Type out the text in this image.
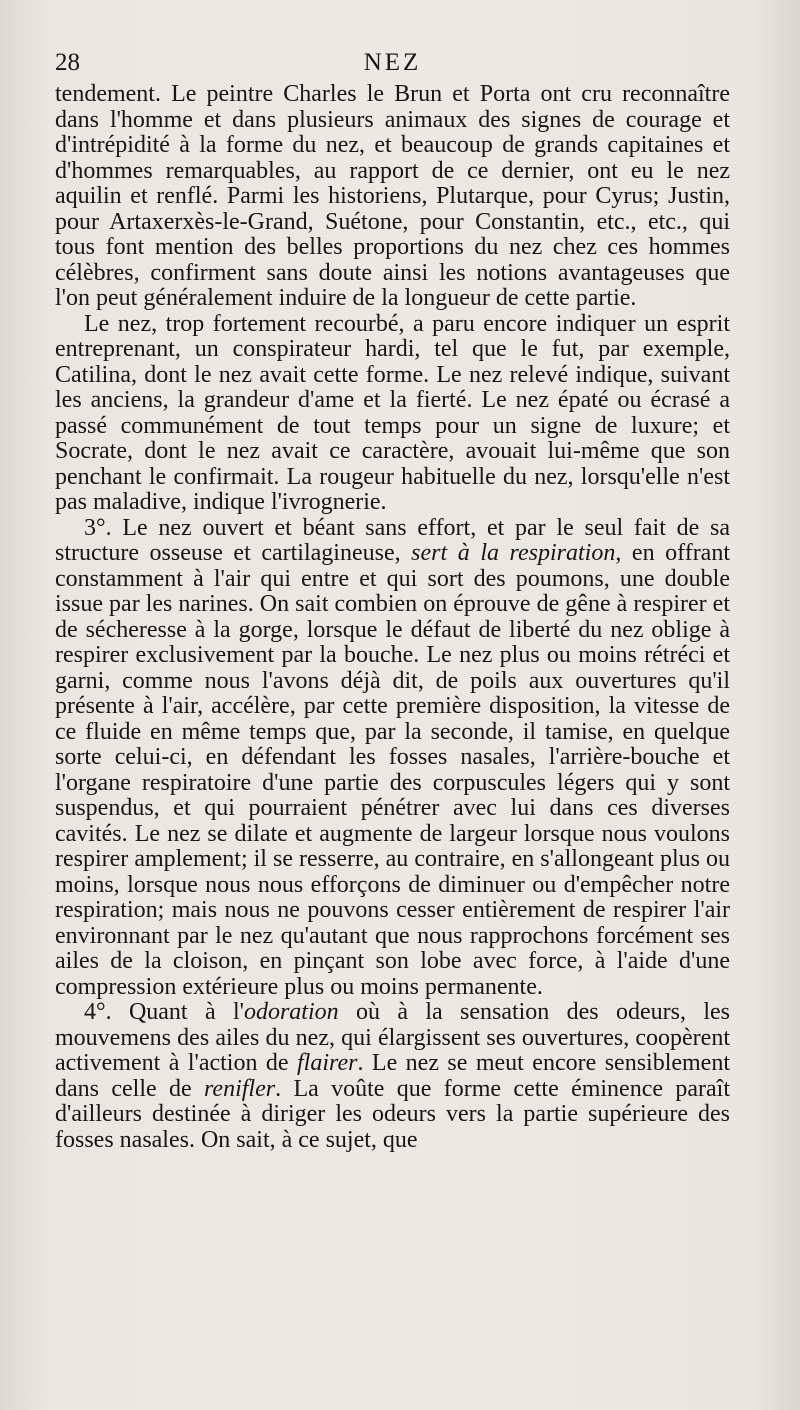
28	NEZ

tendement. Le peintre Charles le Brun et Porta ont cru reconnaître dans l'homme et dans plusieurs animaux des signes de courage et d'intrépidité à la forme du nez, et beaucoup de grands capitaines et d'hommes remarquables, au rapport de ce dernier, ont eu le nez aquilin et renflé. Parmi les historiens, Plutarque, pour Cyrus; Justin, pour Artaxerxès-le-Grand, Suétone, pour Constantin, etc., etc., qui tous font mention des belles proportions du nez chez ces hommes célèbres, confirment sans doute ainsi les notions avantageuses que l'on peut généralement induire de la longueur de cette partie.

Le nez, trop fortement recourbé, a paru encore indiquer un esprit entreprenant, un conspirateur hardi, tel que le fut, par exemple, Catilina, dont le nez avait cette forme. Le nez relevé indique, suivant les anciens, la grandeur d'ame et la fierté. Le nez épaté ou écrasé a passé communément de tout temps pour un signe de luxure; et Socrate, dont le nez avait ce caractère, avouait lui-même que son penchant le confirmait. La rougeur habituelle du nez, lorsqu'elle n'est pas maladive, indique l'ivrognerie.

3°. Le nez ouvert et béant sans effort, et par le seul fait de sa structure osseuse et cartilagineuse, sert à la respiration, en offrant constamment à l'air qui entre et qui sort des poumons, une double issue par les narines. On sait combien on éprouve de gêne à respirer et de sécheresse à la gorge, lorsque le défaut de liberté du nez oblige à respirer exclusivement par la bouche. Le nez plus ou moins rétréci et garni, comme nous l'avons déjà dit, de poils aux ouvertures qu'il présente à l'air, accélère, par cette première disposition, la vitesse de ce fluide en même temps que, par la seconde, il tamise, en quelque sorte celui-ci, en défendant les fosses nasales, l'arrière-bouche et l'organe respiratoire d'une partie des corpuscules légers qui y sont suspendus, et qui pourraient pénétrer avec lui dans ces diverses cavités. Le nez se dilate et augmente de largeur lorsque nous voulons respirer amplement; il se resserre, au contraire, en s'allongeant plus ou moins, lorsque nous nous efforçons de diminuer ou d'empêcher notre respiration; mais nous ne pouvons cesser entièrement de respirer l'air environnant par le nez qu'autant que nous rapprochons forcément ses ailes de la cloison, en pinçant son lobe avec force, à l'aide d'une compression extérieure plus ou moins permanente.

4°. Quant à l'odoration où à la sensation des odeurs, les mouvemens des ailes du nez, qui élargissent ses ouvertures, coopèrent activement à l'action de flairer. Le nez se meut encore sensiblement dans celle de renifler. La voûte que forme cette éminence paraît d'ailleurs destinée à diriger les odeurs vers la partie supérieure des fosses nasales. On sait, à ce sujet, que
